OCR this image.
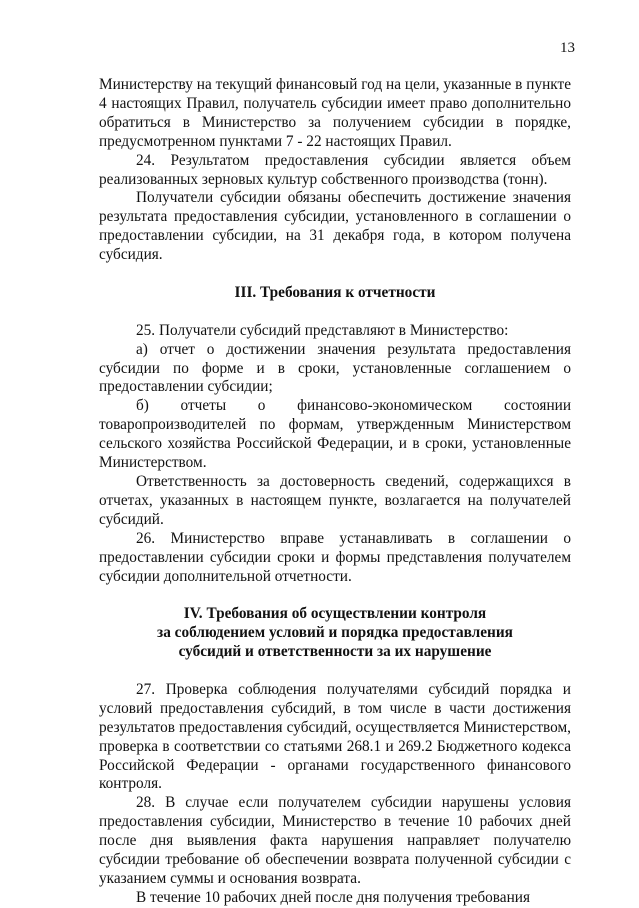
13

Министерству на текущий финансовый год на цели, указанные в пункте 4 настоящих Правил, получатель субсидии имеет право дополнительно обратиться в Министерство за получением субсидии в порядке, предусмотренном пунктами 7 - 22 настоящих Правил.

24. Результатом предоставления субсидии является объем реализованных зерновых культур собственного производства (тонн).

Получатели субсидии обязаны обеспечить достижение значения результата предоставления субсидии, установленного в соглашении о предоставлении субсидии, на 31 декабря года, в котором получена субсидия.

III. Требования к отчетности

25. Получатели субсидий представляют в Министерство:

а) отчет о достижении значения результата предоставления субсидии по форме и в сроки, установленные соглашением о предоставлении субсидии;

б) отчеты о финансово-экономическом состоянии товаропроизводителей по формам, утвержденным Министерством сельского хозяйства Российской Федерации, и в сроки, установленные Министерством.

Ответственность за достоверность сведений, содержащихся в отчетах, указанных в настоящем пункте, возлагается на получателей субсидий.

26. Министерство вправе устанавливать в соглашении о предоставлении субсидии сроки и формы представления получателем субсидии дополнительной отчетности.

IV. Требования об осуществлении контроля

за соблюдением условий и порядка предоставления

субсидий и ответственности за их нарушение

27. Проверка соблюдения получателями субсидий порядка и условий предоставления субсидий, в том числе в части достижения результатов предоставления субсидий, осуществляется Министерством, проверка в соответствии со статьями 268.1 и 269.2 Бюджетного кодекса Российской Федерации - органами государственного финансового контроля.

28. В случае если получателем субсидии нарушены условия предоставления субсидии, Министерство в течение 10 рабочих дней после дня выявления факта нарушения направляет получателю субсидии требование об обеспечении возврата полученной субсидии с указанием суммы и основания возврата.

В течение 10 рабочих дней после дня получения требования
